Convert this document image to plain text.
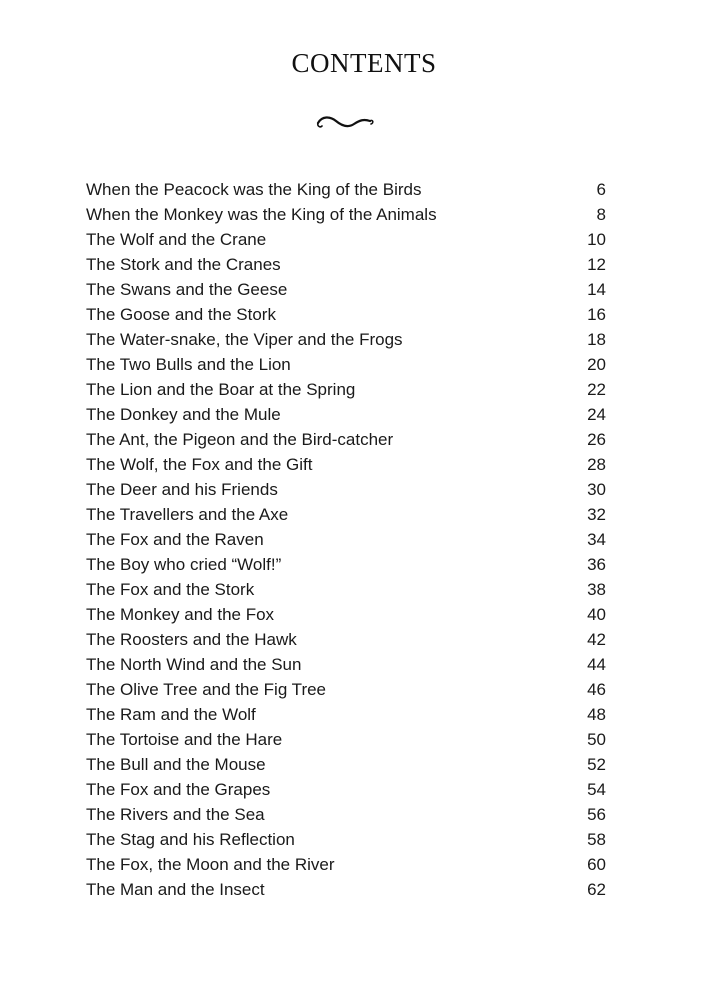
CONTENTS
When the Peacock was the King of the Birds	6
When the Monkey was the King of the Animals	8
The Wolf and the Crane	10
The Stork and the Cranes	12
The Swans and the Geese	14
The Goose and the Stork	16
The Water-snake, the Viper and the Frogs	18
The Two Bulls and the Lion	20
The Lion and the Boar at the Spring	22
The Donkey and the Mule	24
The Ant, the Pigeon and the Bird-catcher	26
The Wolf, the Fox and the Gift	28
The Deer and his Friends	30
The Travellers and the Axe	32
The Fox and the Raven	34
The Boy who cried “Wolf!”	36
The Fox and the Stork	38
The Monkey and the Fox	40
The Roosters and the Hawk	42
The North Wind and the Sun	44
The Olive Tree and the Fig Tree	46
The Ram and the Wolf	48
The Tortoise and the Hare	50
The Bull and the Mouse	52
The Fox and the Grapes	54
The Rivers and the Sea	56
The Stag and his Reflection	58
The Fox, the Moon and the River	60
The Man and the Insect	62
